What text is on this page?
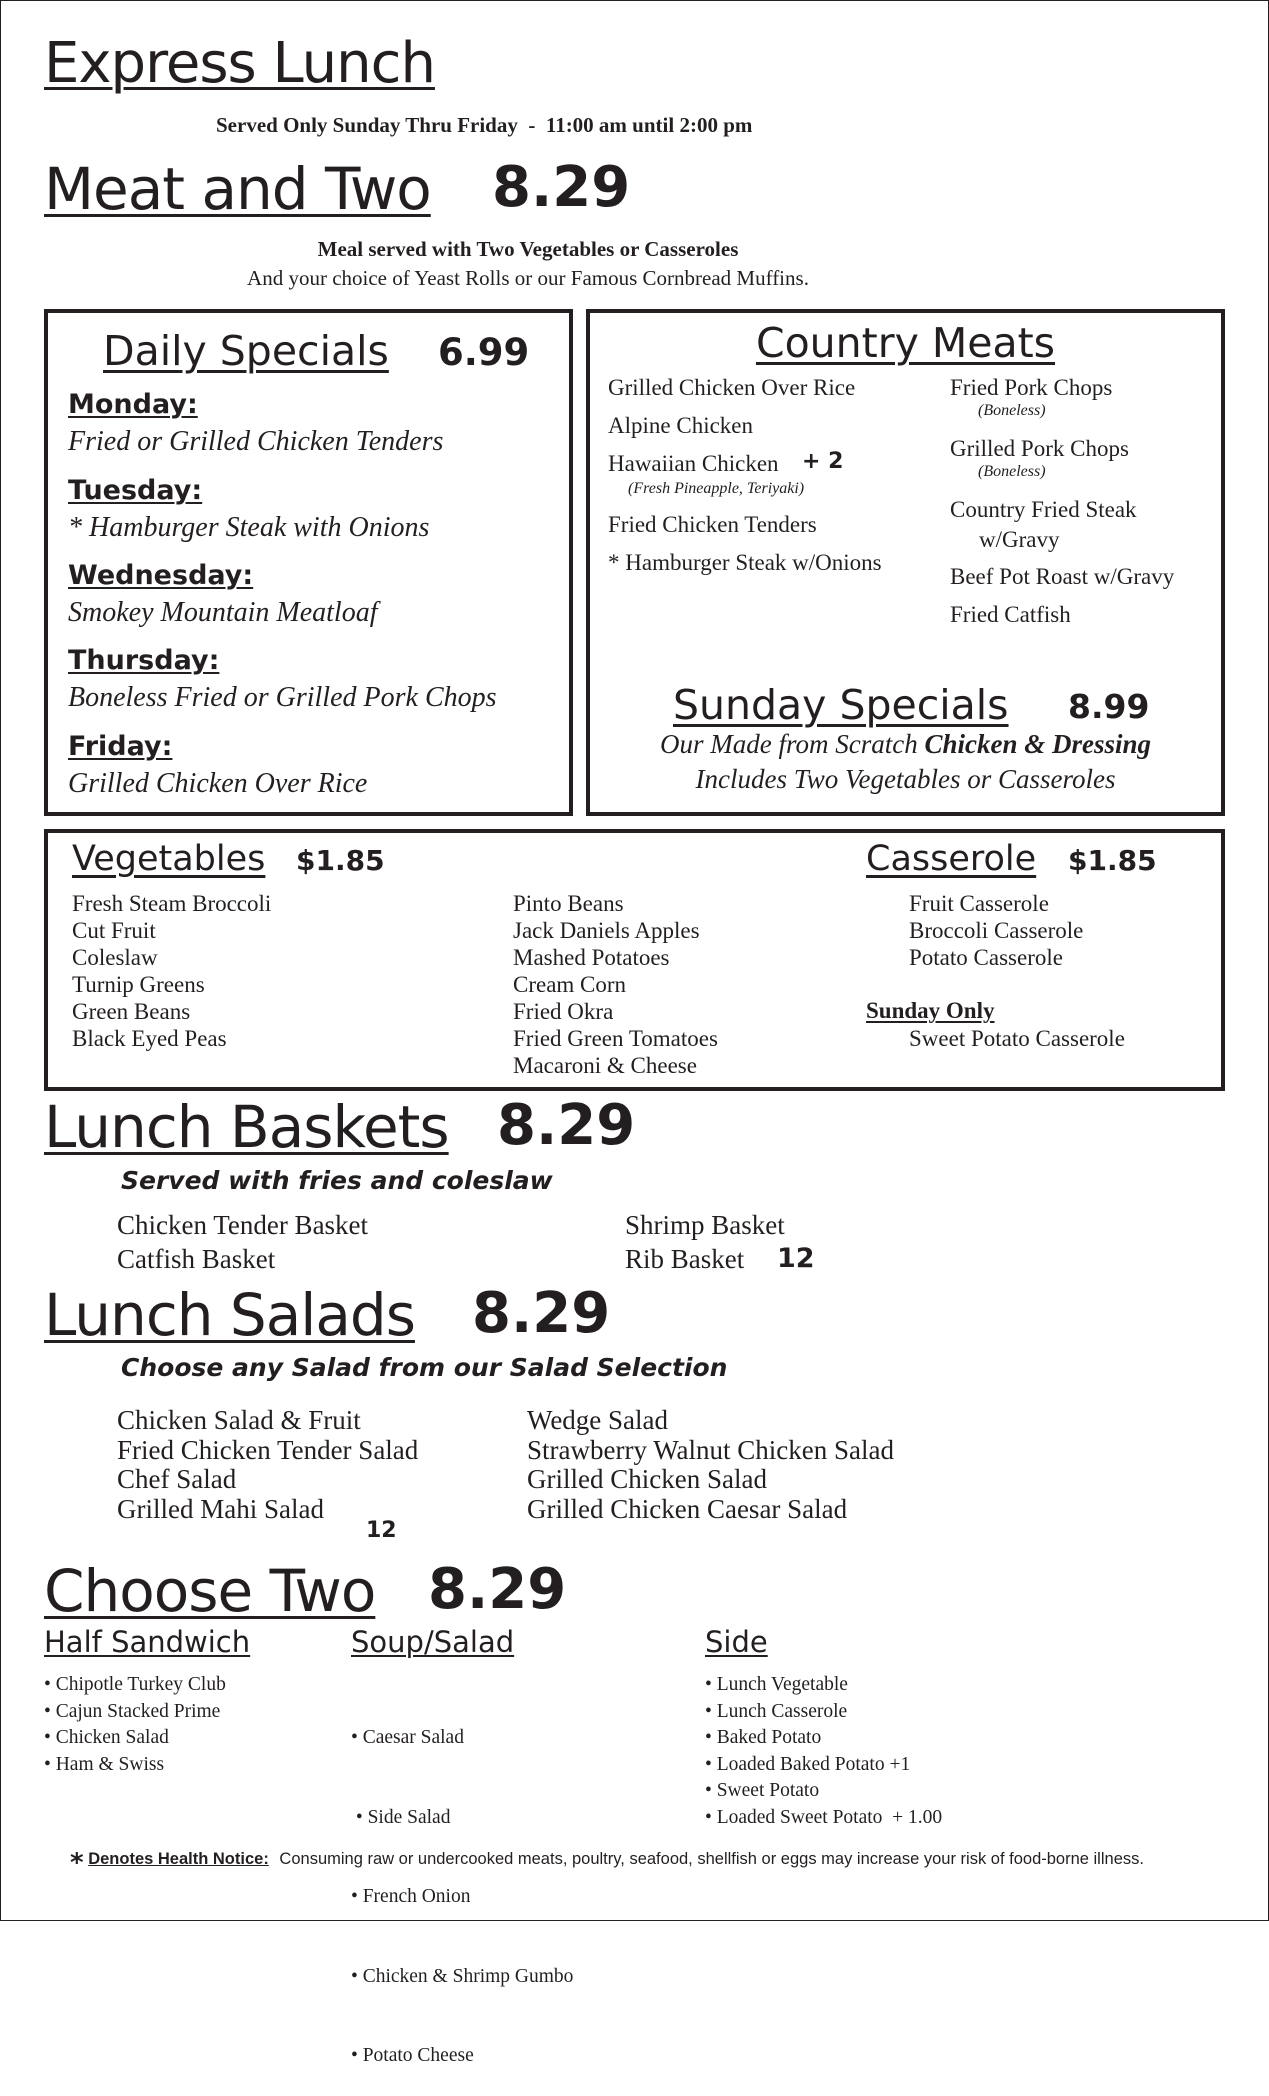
Express Lunch
Served Only Sunday Thru Friday  -  11:00 am until 2:00 pm
Meat and Two 8.29
Meal served with Two Vegetables or Casseroles
And your choice of Yeast Rolls or our Famous Cornbread Muffins.
Daily Specials 6.99
Monday:
Fried or Grilled Chicken Tenders
Tuesday:
* Hamburger Steak with Onions
Wednesday:
Smokey Mountain Meatloaf
Thursday:
Boneless Fried or Grilled Pork Chops
Friday:
Grilled Chicken Over Rice
Country Meats
Grilled Chicken Over Rice
Alpine Chicken
Hawaiian Chicken + 2
(Fresh Pineapple, Teriyaki)
Fried Chicken Tenders
* Hamburger Steak w/Onions
Fried Pork Chops
(Boneless)
Grilled Pork Chops
(Boneless)
Country Fried Steak
w/Gravy
Beef Pot Roast w/Gravy
Fried Catfish
Sunday Specials 8.99
Our Made from Scratch Chicken & Dressing
Includes Two Vegetables or Casseroles
Vegetables $1.85
Fresh Steam Broccoli
Cut Fruit
Coleslaw
Turnip Greens
Green Beans
Black Eyed Peas
Pinto Beans
Jack Daniels Apples
Mashed Potatoes
Cream Corn
Fried Okra
Fried Green Tomatoes
Macaroni & Cheese
Casserole $1.85
Fruit Casserole
Broccoli Casserole
Potato Casserole
Sunday Only
Sweet Potato Casserole
Lunch Baskets 8.29
Served with fries and coleslaw
Chicken Tender Basket
Catfish Basket
Shrimp Basket
Rib Basket	12
Lunch Salads 8.29
Choose any Salad from our Salad Selection
Chicken Salad & Fruit
Fried Chicken Tender Salad
Chef Salad
Grilled Mahi Salad
12
Wedge Salad
Strawberry Walnut Chicken Salad
Grilled Chicken Salad
Grilled Chicken Caesar Salad
Choose Two 8.29
Half Sandwich
• Chipotle Turkey Club
• Cajun Stacked Prime
• Chicken Salad
• Ham & Swiss
Soup/Salad

• Caesar Salad

• Side Salad

• French Onion

• Chicken & Shrimp Gumbo

• Potato Cheese

Side
• Lunch Vegetable
• Lunch Casserole
• Baked Potato
• Loaded Baked Potato +1
• Sweet Potato
• Loaded Sweet Potato  + 1.00
* Denotes Health Notice: Consuming raw or undercooked meats, poultry, seafood, shellfish or eggs may increase your risk of food-borne illness.
